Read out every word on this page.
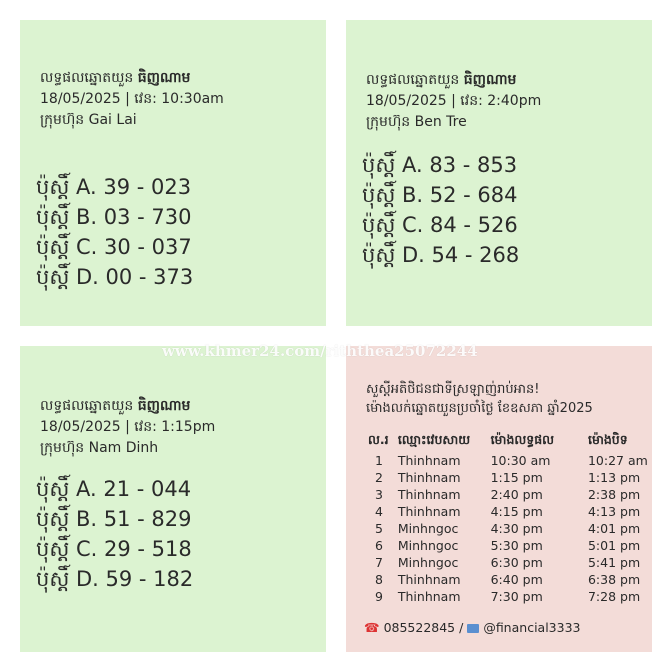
លទ្ធផលឆ្នោតយួន ធិញណាម
18/05/2025 | វេន: 10:30am
ក្រុមហ៊ុន Gai Lai
ប៉ុស្តិ៍ A. 39 - 023
ប៉ុស្តិ៍ B. 03 - 730
ប៉ុស្តិ៍ C. 30 - 037
ប៉ុស្តិ៍ D. 00 - 373
លទ្ធផលឆ្នោតយួន ធិញណាម
18/05/2025 | វេន: 2:40pm
ក្រុមហ៊ុន Ben Tre
ប៉ុស្តិ៍ A. 83 - 853
ប៉ុស្តិ៍ B. 52 - 684
ប៉ុស្តិ៍ C. 84 - 526
ប៉ុស្តិ៍ D. 54 - 268
លទ្ធផលឆ្នោតយួន ធិញណាម
18/05/2025 | វេន: 1:15pm
ក្រុមហ៊ុន Nam Dinh
ប៉ុស្តិ៍ A. 21 - 044
ប៉ុស្តិ៍ B. 51 - 829
ប៉ុស្តិ៍ C. 29 - 518
ប៉ុស្តិ៍ D. 59 - 182
សួស្តីអតិថិជនជាទីស្រឡាញ់រាប់អាន!
ម៉ោងលក់ឆ្នោតយួនប្រចាំថ្ងៃ ខែឧសភា ឆ្នាំ2025
ល.រ	ឈ្មោះវេបសាយ	ម៉ោងលទ្ធផល	ម៉ោងបិទ
1	Thinhnam	10:30 am	10:27 am
2	Thinhnam	1:15 pm	1:13 pm
3	Thinhnam	2:40 pm	2:38 pm
4	Thinhnam	4:15 pm	4:13 pm
5	Minhngoc	4:30 pm	4:01 pm
6	Minhngoc	5:30 pm	5:01 pm
7	Minhngoc	6:30 pm	5:41 pm
8	Thinhnam	6:40 pm	6:38 pm
9	Thinhnam	7:30 pm	7:28 pm
☎ 085522845 / @financial3333
www.khmer24.com/riththea25072244
